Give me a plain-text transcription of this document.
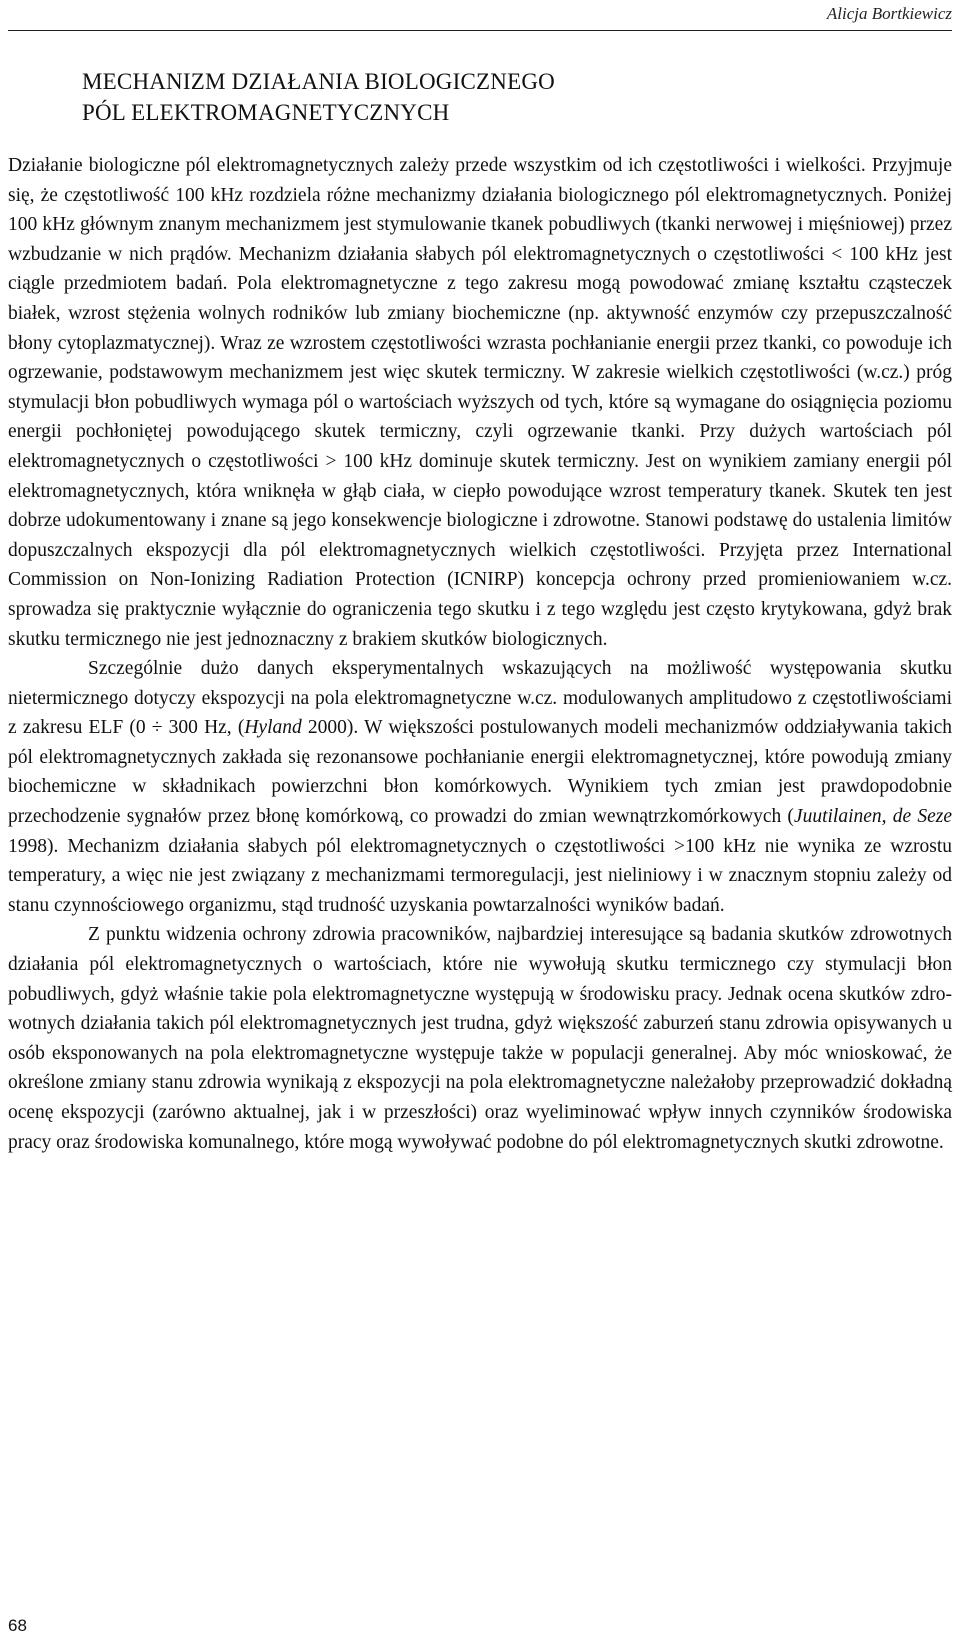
Alicja Bortkiewicz
MECHANIZM DZIAŁANIA BIOLOGICZNEGO
PÓL ELEKTROMAGNETYCZNYCH

Działanie biologiczne pól elektromagnetycznych zależy przede wszystkim od ich częstotliwości i wielkości. Przyjmuje się, że częstotliwość 100 kHz rozdziela różne mechanizmy działania biologicznego pól elektromagnetycznych. Poniżej 100 kHz głównym znanym mechanizmem jest stymulowanie tkanek pobudliwych (tkanki nerwowej i mięśniowej) przez wzbudzanie w nich prądów. Mechanizm działania słabych pól elektromagnetycznych o częstotliwości < 100 kHz jest ciągle przedmiotem badań. Pola elektromagnetyczne z tego zakresu mogą powodować zmianę kształtu cząsteczek białek, wzrost stężenia wolnych rodników lub zmiany biochemiczne (np. aktywność enzymów czy przepuszczalność błony cytoplazmatycznej). Wraz ze wzrostem częstotliwości wzrasta pochłanianie energii przez tkanki, co powoduje ich ogrzewanie, podstawowym mechanizmem jest więc skutek termiczny. W zakresie wielkich częstotliwości (w.cz.) próg stymulacji błon pobudliwych wymaga pól o wartościach wyższych od tych, które są wymagane do osiągnięcia poziomu energii pochłoniętej powodującego skutek termiczny, czyli ogrzewanie tkanki. Przy dużych wartościach pól elektromagnetycznych o częstotliwości > 100 kHz dominuje skutek termiczny. Jest on wynikiem zamiany energii pól elektromagnetycznych, która wniknęła w głąb ciała, w ciepło powodujące wzrost temperatury tkanek. Skutek ten jest dobrze udokumentowany i znane są jego konsekwencje biologiczne i zdrowotne. Stanowi podstawę do ustalenia limitów dopuszczalnych ekspozycji dla pól elektromagnetycznych wielkich częstotliwości. Przyjęta przez International Commission on Non-Ionizing Radiation Protection (ICNIRP) koncepcja ochrony przed promieniowaniem w.cz. sprowadza się praktycznie wyłącznie do ograniczenia tego skutku i z tego względu jest często krytykowana, gdyż brak skutku termicznego nie jest jednoznaczny z brakiem skutków biologicznych.

Szczególnie dużo danych eksperymentalnych wskazujących na możliwość występowania skutku nietermicznego dotyczy ekspozycji na pola elektromagnetyczne w.cz. modulowanych amplitudowo z częstotliwościami z zakresu ELF (0 ÷ 300 Hz, (Hyland 2000). W większości postulowanych modeli mechanizmów oddziaływania takich pól elektromagnetycznych zakłada się rezonansowe pochłanianie energii elektromagnetycznej, które powodują zmiany biochemiczne w składnikach powierzchni błon komórkowych. Wynikiem tych zmian jest prawdopodobnie przechodzenie sygnałów przez błonę komórkową, co prowadzi do zmian wewnątrzkomórkowych (Juutilainen, de Seze 1998). Mechanizm działania słabych pól elektromagnetycznych o częstotliwości >100 kHz nie wynika ze wzrostu temperatury, a więc nie jest związany z mechanizmami termoregulacji, jest nieliniowy i w znacznym stopniu zależy od stanu czynnościowego organizmu, stąd trudność uzyskania powtarzalności wyników badań.

Z punktu widzenia ochrony zdrowia pracowników, najbardziej interesujące są badania skutków zdrowotnych działania pól elektromagnetycznych o wartościach, które nie wywołują skutku termicznego czy stymulacji błon pobudliwych, gdyż właśnie takie pola elektromagnetyczne występują w środowisku pracy. Jednak ocena skutków zdrowotnych działania takich pól elektromagnetycznych jest trudna, gdyż większość zaburzeń stanu zdrowia opisywanych u osób eksponowanych na pola elektromagnetyczne występuje także w populacji generalnej. Aby móc wnioskować, że określone zmiany stanu zdrowia wynikają z ekspozycji na pola elektromagnetyczne należałoby przeprowadzić dokładną ocenę ekspozycji (zarówno aktualnej, jak i w przeszłości) oraz wyeliminować wpływ innych czynników środowiska pracy oraz środowiska komunalnego, które mogą wywoływać podobne do pól elektromagnetycznych skutki zdrowotne.

68
